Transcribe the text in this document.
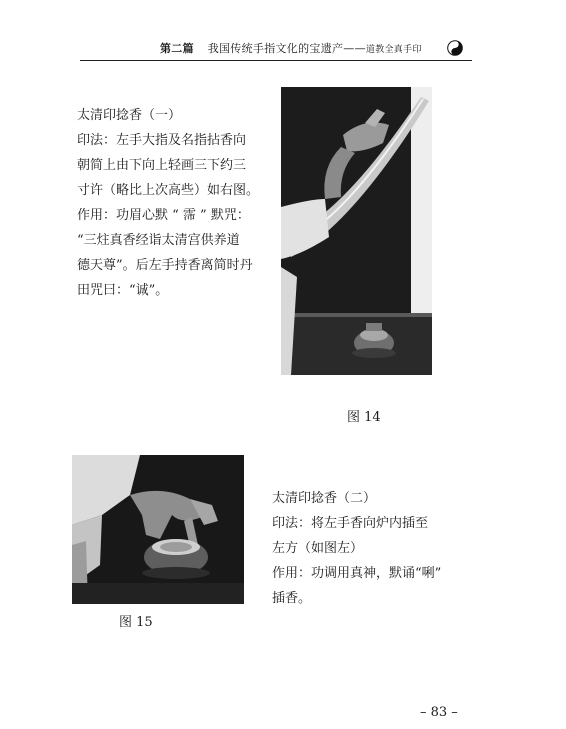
第二篇 我国传统手指文化的宝遗产——道教全真手印
太清印捻香（一）
印法：左手大指及名指拈香向
朝简上由下向上轻画三下约三
寸许（略比上次高些）如右图。
作用：功眉心默 “ 霈 ” 默咒：
“三炷真香经诣太清宫供养道
德天尊”。后左手持香离简时丹
田咒曰：“诚”。
图 14
图 15
太清印捻香（二）
印法：将左手香向炉内插至
左方（如图左）
作用：功调用真神，默诵“唎”
插香。
– 83 –
